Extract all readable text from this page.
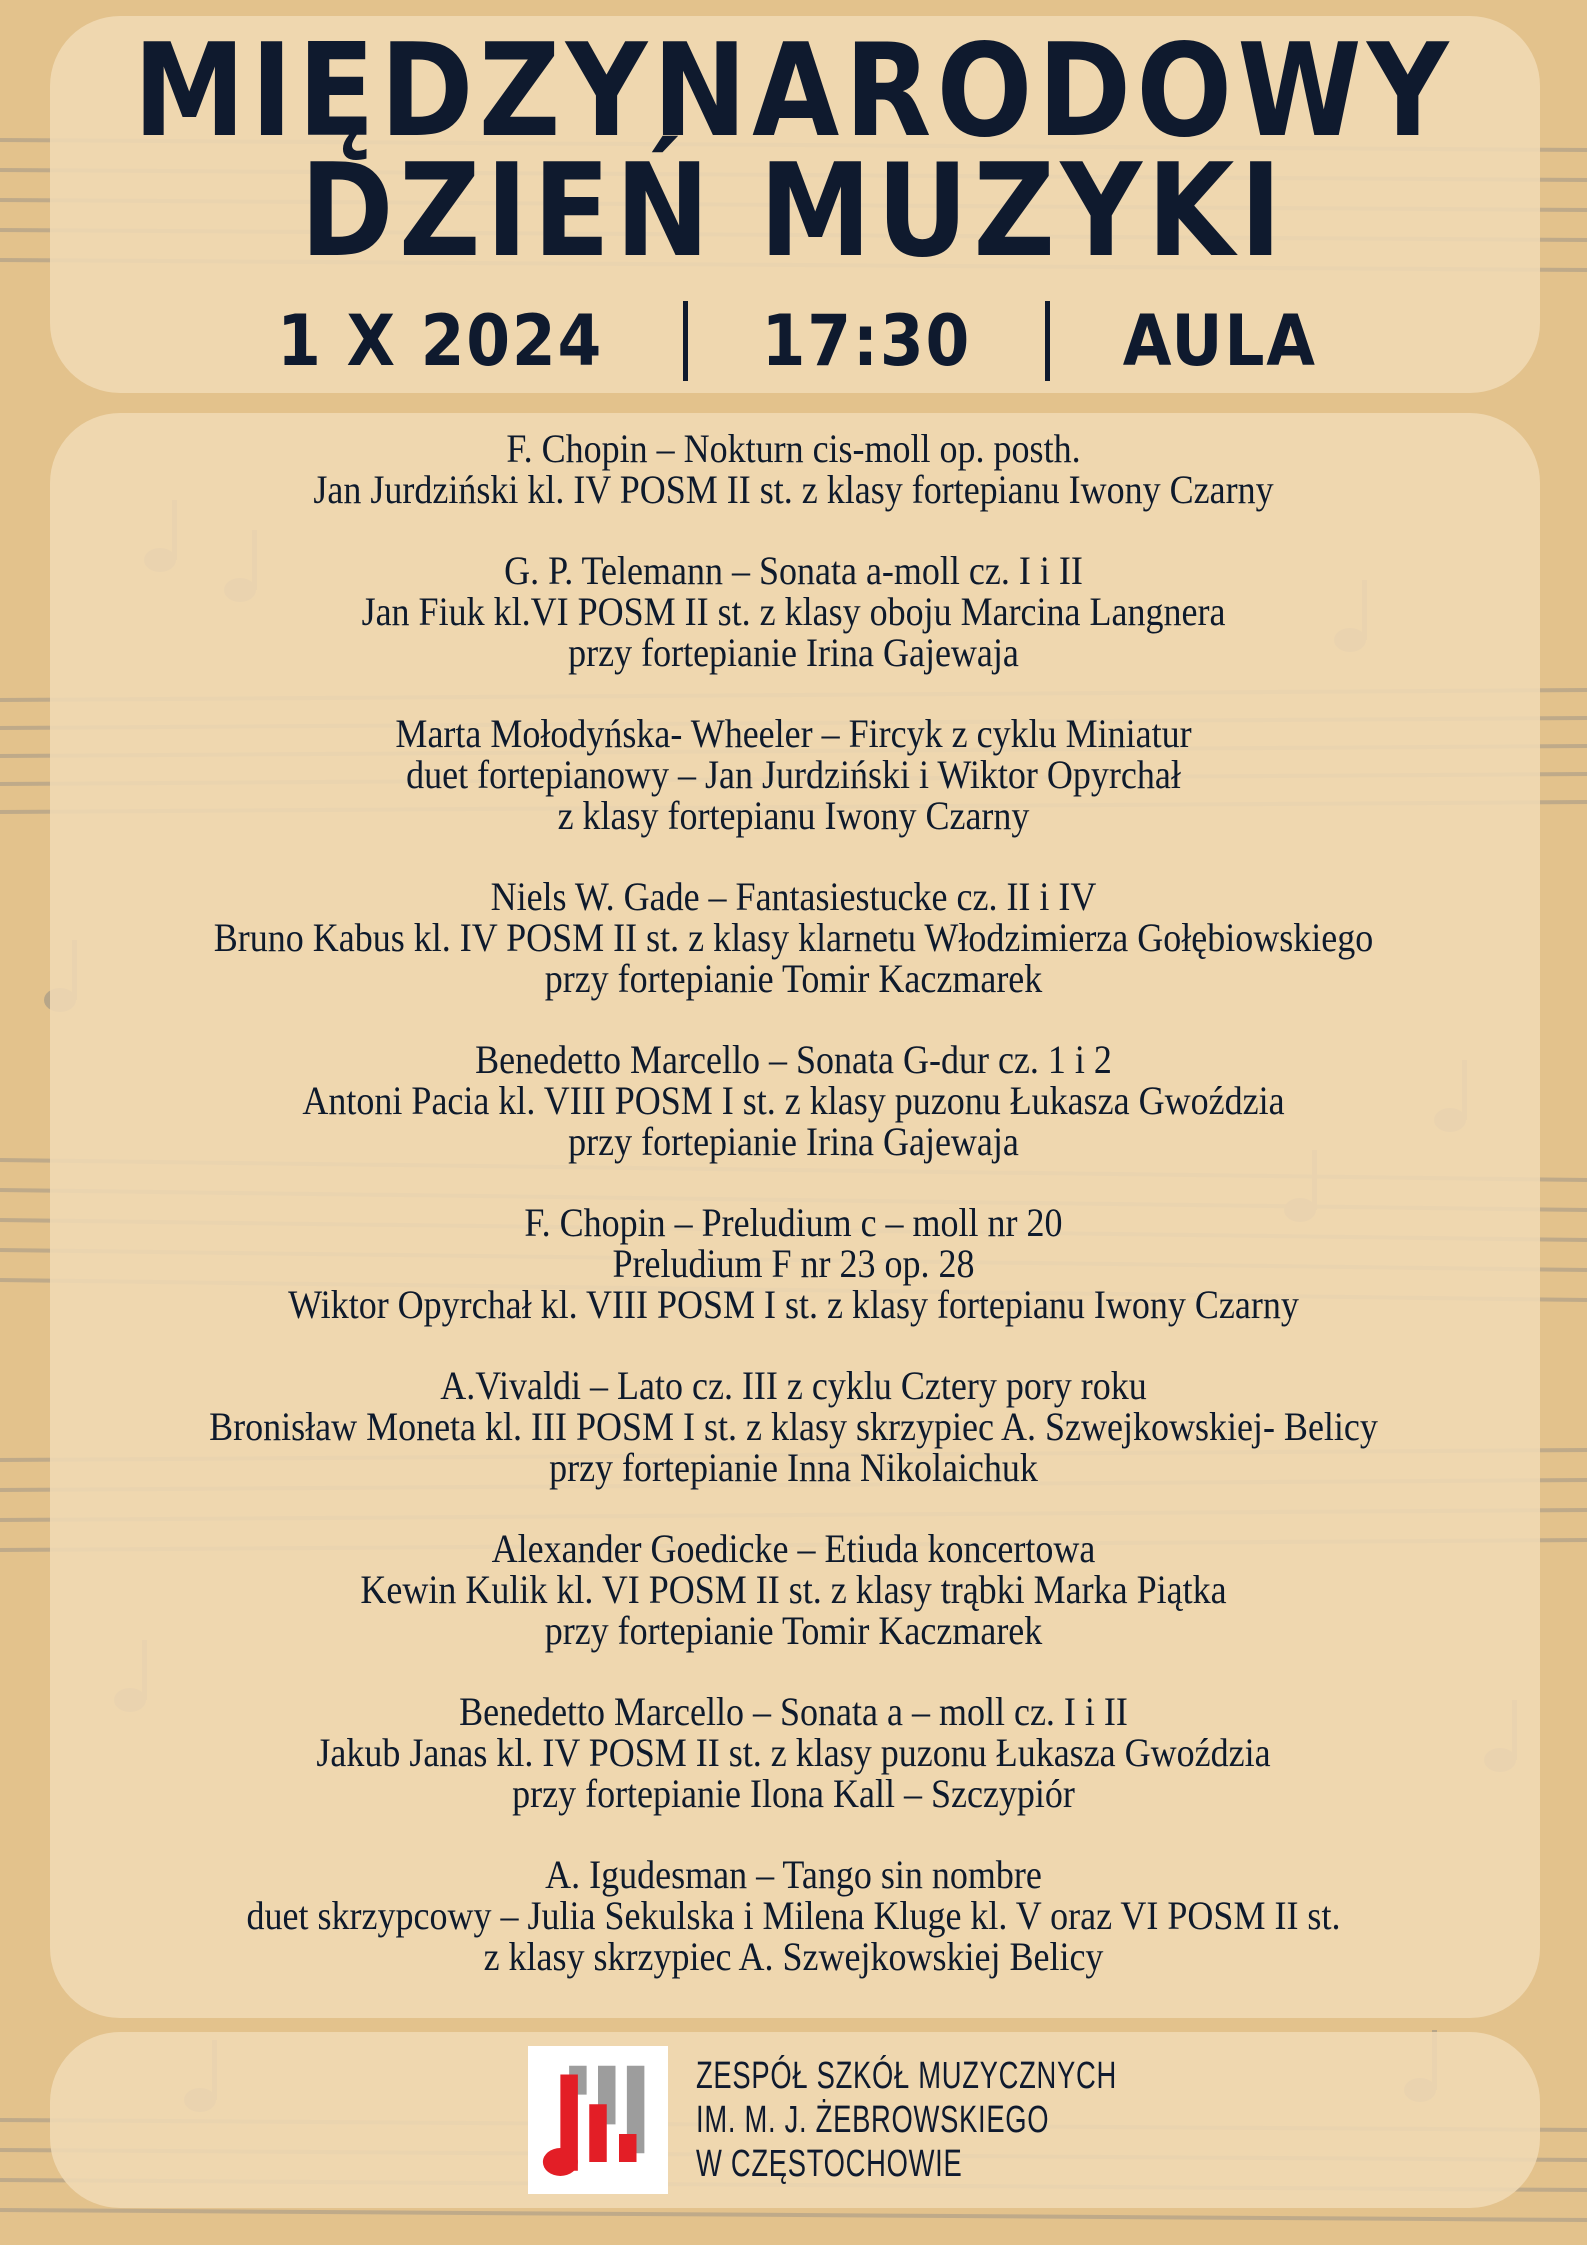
MIĘDZYNARODOWY
DZIEŃ MUZYKI
1 X 2024 17:30 AULA
F. Chopin – Nokturn cis-moll op. posth.
Jan Jurdziński kl. IV POSM II st. z klasy fortepianu Iwony Czarny
G. P. Telemann – Sonata a-moll cz. I i II
Jan Fiuk kl.VI POSM II st. z klasy oboju Marcina Langnera
przy fortepianie Irina Gajewaja
Marta Mołodyńska- Wheeler – Fircyk z cyklu Miniatur
duet fortepianowy – Jan Jurdziński i Wiktor Opyrchał
z klasy fortepianu Iwony Czarny
Niels W. Gade – Fantasiestucke cz. II i IV
Bruno Kabus kl. IV POSM II st. z klasy klarnetu Włodzimierza Gołębiowskiego
przy fortepianie Tomir Kaczmarek
Benedetto Marcello – Sonata G-dur cz. 1 i 2
Antoni Pacia kl. VIII POSM I st. z klasy puzonu Łukasza Gwoździa
przy fortepianie Irina Gajewaja
F. Chopin – Preludium c – moll nr 20
Preludium F nr 23 op. 28
Wiktor Opyrchał kl. VIII POSM I st. z klasy fortepianu Iwony Czarny
A.Vivaldi – Lato cz. III z cyklu Cztery pory roku
Bronisław Moneta kl. III POSM I st. z klasy skrzypiec A. Szwejkowskiej- Belicy
przy fortepianie Inna Nikolaichuk
Alexander Goedicke – Etiuda koncertowa
Kewin Kulik kl. VI POSM II st. z klasy trąbki Marka Piątka
przy fortepianie Tomir Kaczmarek
Benedetto Marcello – Sonata a – moll cz. I i II
Jakub Janas kl. IV POSM II st. z klasy puzonu Łukasza Gwoździa
przy fortepianie Ilona Kall – Szczypiór
A. Igudesman – Tango sin nombre
duet skrzypcowy – Julia Sekulska i Milena Kluge kl. V oraz VI POSM II st.
z klasy skrzypiec A. Szwejkowskiej Belicy
ZESPÓŁ SZKÓŁ MUZYCZNYCH
IM. M. J. ŻEBROWSKIEGO
W CZĘSTOCHOWIE
